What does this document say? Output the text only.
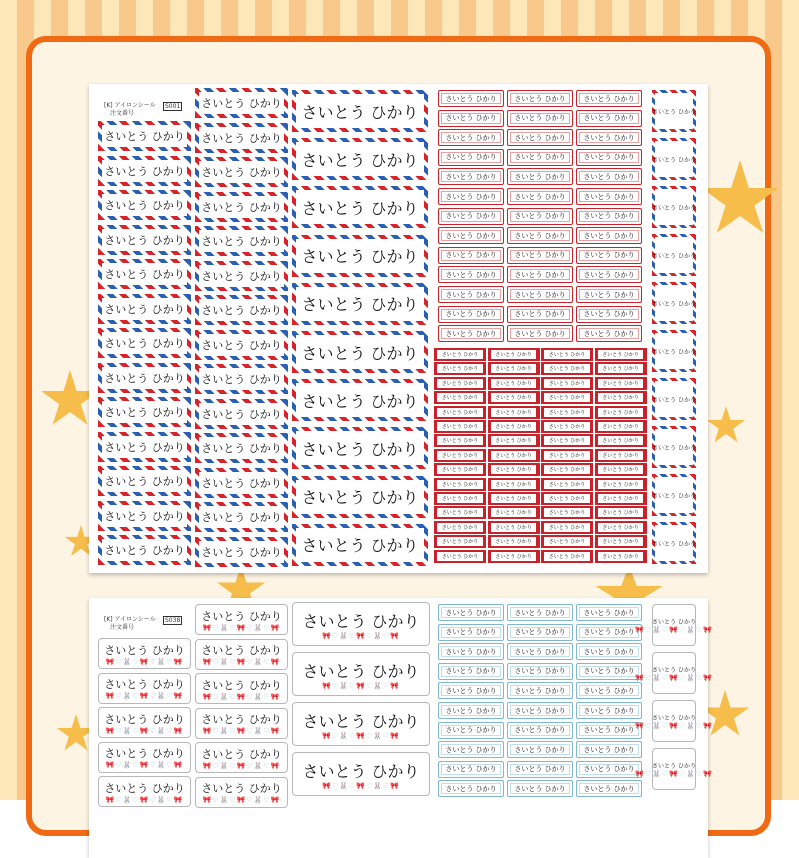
[K] アイロンシール
注文番号
S001
さいとう ひかり
さいとう ひかり
さいとう ひかり
さいとう ひかり
さいとう ひかり
さいとう ひかり
さいとう ひかり
さいとう ひかり
さいとう ひかり
さいとう ひかり
さいとう ひかり
さいとう ひかり
さいとう ひかり
さいとう ひかり
さいとう ひかり
さいとう ひかり
さいとう ひかり
さいとう ひかり
さいとう ひかり
さいとう ひかり
さいとう ひかり
さいとう ひかり
さいとう ひかり
さいとう ひかり
さいとう ひかり
さいとう ひかり
さいとう ひかり
さいとう ひかり
さいとう ひかり
さいとう ひかり
さいとう ひかり
さいとう ひかり
さいとう ひかり
さいとう ひかり
さいとう ひかり
さいとう ひかり
さいとう ひかり
さいとう ひかり	さいとう ひかり	さいとう ひかり
さいとう ひかり	さいとう ひかり	さいとう ひかり
さいとう ひかり	さいとう ひかり	さいとう ひかり
さいとう ひかり	さいとう ひかり	さいとう ひかり
さいとう ひかり	さいとう ひかり	さいとう ひかり
さいとう ひかり	さいとう ひかり	さいとう ひかり
さいとう ひかり	さいとう ひかり	さいとう ひかり
さいとう ひかり	さいとう ひかり	さいとう ひかり
さいとう ひかり	さいとう ひかり	さいとう ひかり
さいとう ひかり	さいとう ひかり	さいとう ひかり
さいとう ひかり	さいとう ひかり	さいとう ひかり
さいとう ひかり	さいとう ひかり	さいとう ひかり
さいとう ひかり	さいとう ひかり	さいとう ひかり
さいとう ひかり	さいとう ひかり	さいとう ひかり	さいとう ひかり
さいとう ひかり	さいとう ひかり	さいとう ひかり	さいとう ひかり
さいとう ひかり	さいとう ひかり	さいとう ひかり	さいとう ひかり
さいとう ひかり	さいとう ひかり	さいとう ひかり	さいとう ひかり
さいとう ひかり	さいとう ひかり	さいとう ひかり	さいとう ひかり
さいとう ひかり	さいとう ひかり	さいとう ひかり	さいとう ひかり
さいとう ひかり	さいとう ひかり	さいとう ひかり	さいとう ひかり
さいとう ひかり	さいとう ひかり	さいとう ひかり	さいとう ひかり
さいとう ひかり	さいとう ひかり	さいとう ひかり	さいとう ひかり
さいとう ひかり	さいとう ひかり	さいとう ひかり	さいとう ひかり
さいとう ひかり	さいとう ひかり	さいとう ひかり	さいとう ひかり
さいとう ひかり	さいとう ひかり	さいとう ひかり	さいとう ひかり
さいとう ひかり	さいとう ひかり	さいとう ひかり	さいとう ひかり
さいとう ひかり	さいとう ひかり	さいとう ひかり	さいとう ひかり
さいとう ひかり	さいとう ひかり	さいとう ひかり	さいとう ひかり
さいとう ひかり
さいとう ひかり
さいとう ひかり
さいとう ひかり
さいとう ひかり
さいとう ひかり
さいとう ひかり
さいとう ひかり
さいとう ひかり
さいとう ひかり
[K] アイロンシール
注文番号
S038
さいとう ひかり
🎀♡🐰♡🎀♡🐰♡🎀
さいとう ひかり
🎀♡🐰♡🎀♡🐰♡🎀
さいとう ひかり
🎀♡🐰♡🎀♡🐰♡🎀
さいとう ひかり
🎀♡🐰♡🎀♡🐰♡🎀
さいとう ひかり
🎀♡🐰♡🎀♡🐰♡🎀
さいとう ひかり
🎀♡🐰♡🎀♡🐰♡🎀
さいとう ひかり
🎀♡🐰♡🎀♡🐰♡🎀
さいとう ひかり
🎀♡🐰♡🎀♡🐰♡🎀
さいとう ひかり
🎀♡🐰♡🎀♡🐰♡🎀
さいとう ひかり
🎀♡🐰♡🎀♡🐰♡🎀
さいとう ひかり
🎀♡🐰♡🎀♡🐰♡🎀
さいとう ひかり
🎀♡🐰♡🎀♡🐰♡🎀
さいとう ひかり
🎀♡🐰♡🎀♡🐰♡🎀
さいとう ひかり
🎀♡🐰♡🎀♡🐰♡🎀
さいとう ひかり
🎀♡🐰♡🎀♡🐰♡🎀
さいとう ひかり	さいとう ひかり	さいとう ひかり
さいとう ひかり	さいとう ひかり	さいとう ひかり
さいとう ひかり	さいとう ひかり	さいとう ひかり
さいとう ひかり	さいとう ひかり	さいとう ひかり
さいとう ひかり	さいとう ひかり	さいとう ひかり
さいとう ひかり	さいとう ひかり	さいとう ひかり
さいとう ひかり	さいとう ひかり	さいとう ひかり
さいとう ひかり	さいとう ひかり	さいとう ひかり
さいとう ひかり	さいとう ひかり	さいとう ひかり
さいとう ひかり	さいとう ひかり	さいとう ひかり
さいとう ひかり
🎀♡🐰♡🎀♡🐰♡🎀
さいとう ひかり
🎀♡🐰♡🎀♡🐰♡🎀
さいとう ひかり
🎀♡🐰♡🎀♡🐰♡🎀
さいとう ひかり
🎀♡🐰♡🎀♡🐰♡🎀
